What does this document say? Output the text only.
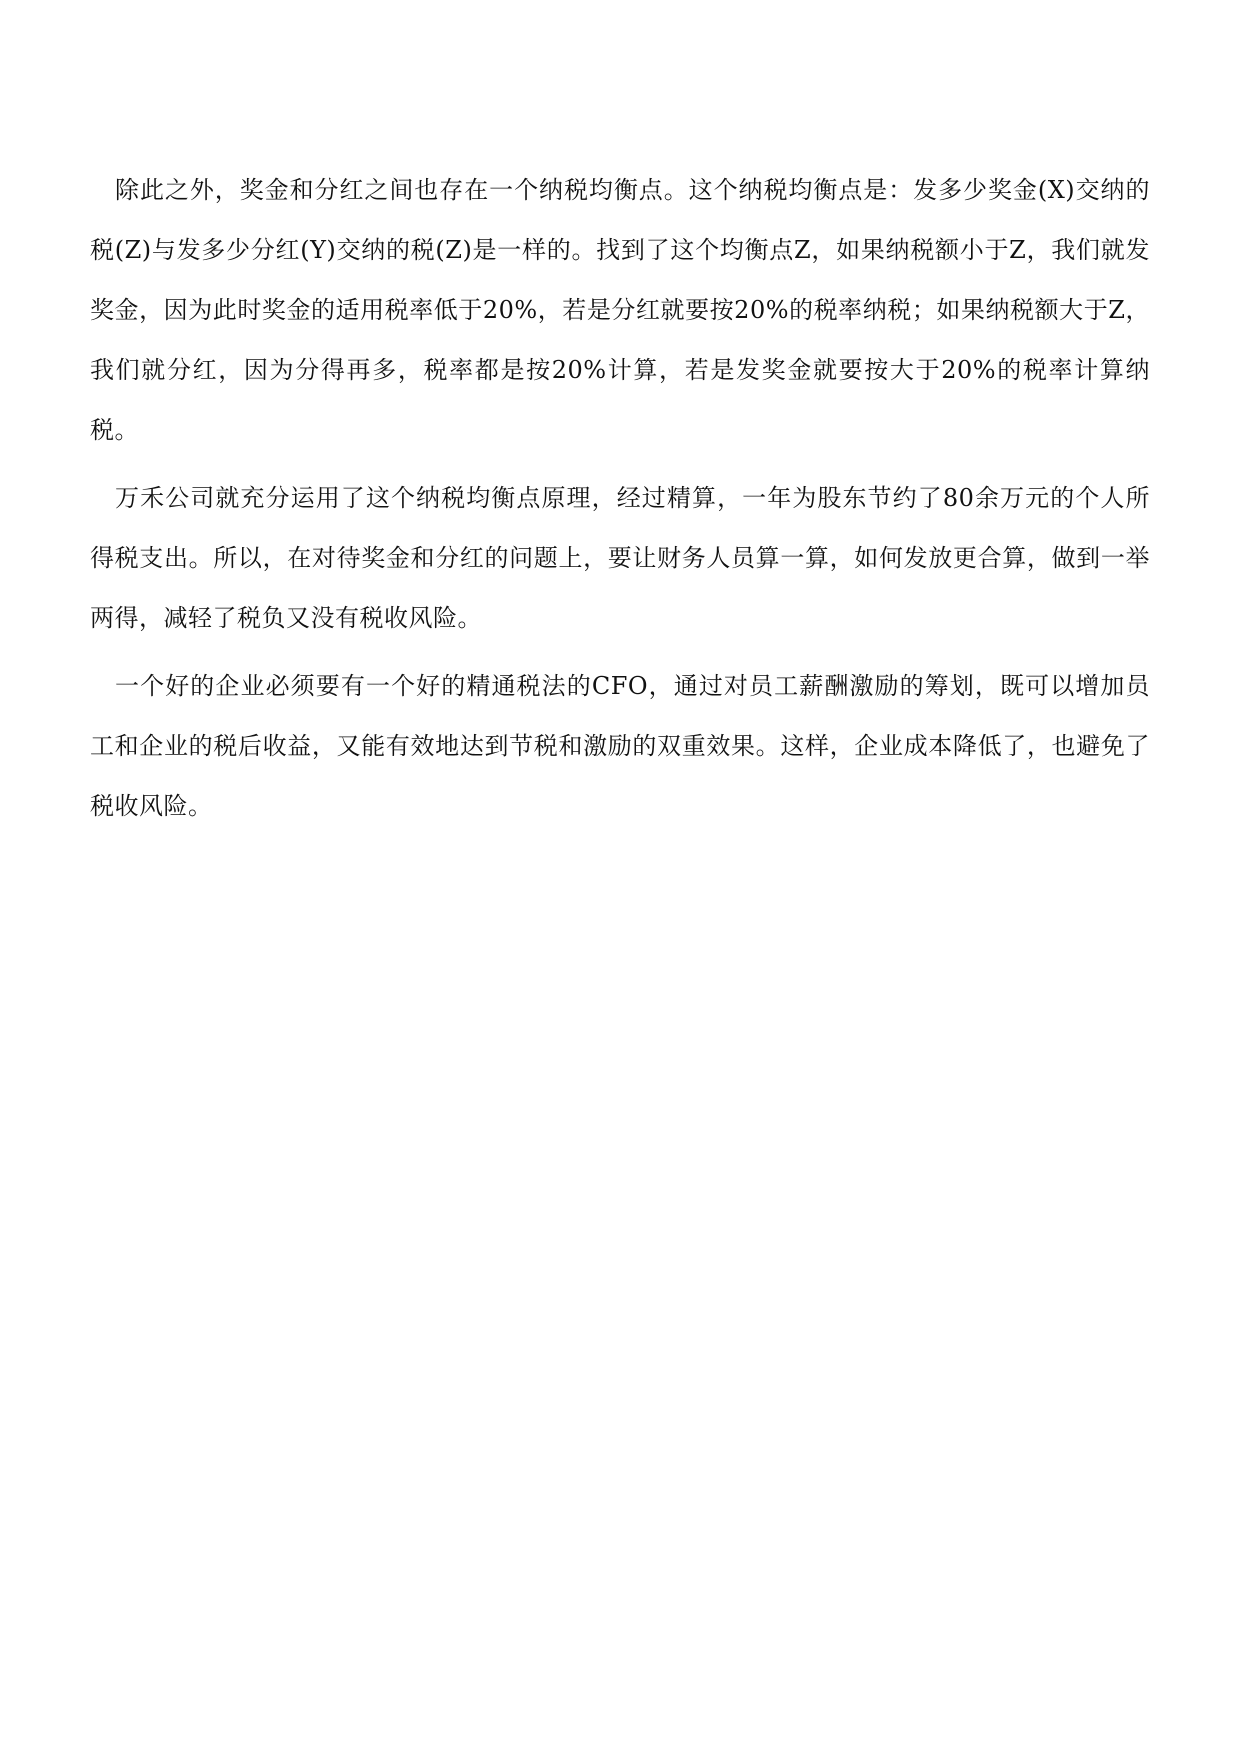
除此之外，奖金和分红之间也存在一个纳税均衡点。这个纳税均衡点是：发多少奖金(X)交纳的税(Z)与发多少分红(Y)交纳的税(Z)是一样的。找到了这个均衡点Z，如果纳税额小于Z，我们就发奖金，因为此时奖金的适用税率低于20%，若是分红就要按20%的税率纳税；如果纳税额大于Z，我们就分红，因为分得再多，税率都是按20%计算，若是发奖金就要按大于20%的税率计算纳税。

万禾公司就充分运用了这个纳税均衡点原理，经过精算，一年为股东节约了80余万元的个人所得税支出。所以，在对待奖金和分红的问题上，要让财务人员算一算，如何发放更合算，做到一举两得，减轻了税负又没有税收风险。

一个好的企业必须要有一个好的精通税法的CFO，通过对员工薪酬激励的筹划，既可以增加员工和企业的税后收益，又能有效地达到节税和激励的双重效果。这样，企业成本降低了，也避免了税收风险。
